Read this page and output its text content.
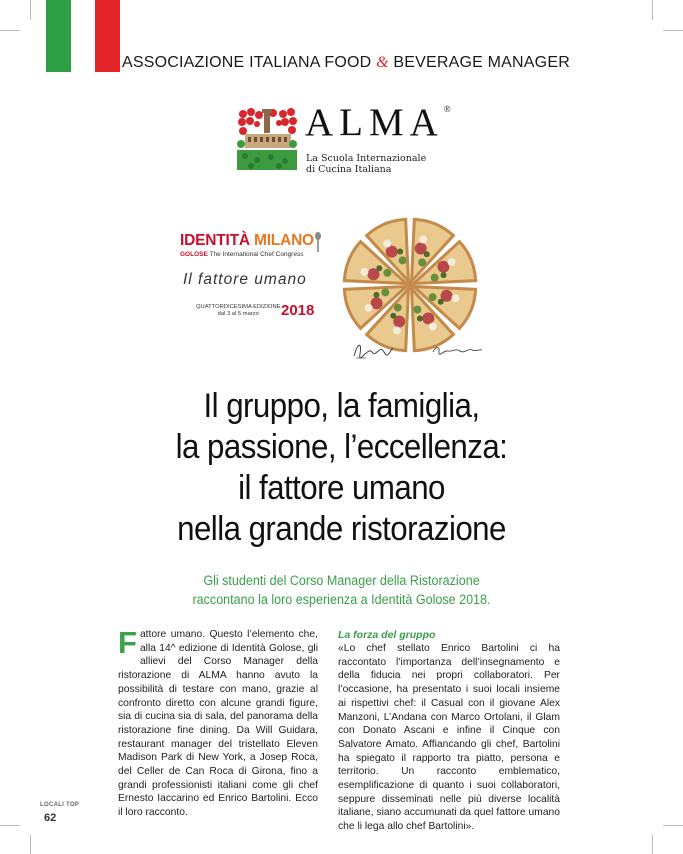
ASSOCIAZIONE ITALIANA FOOD & BEVERAGE MANAGER
ALMA®
La Scuola Internazionale
di Cucina Italiana
IDENTITÀ MILANO
GOLOSE The International Chef Congress
Il fattore umano
QUATTORDICESIMA EDIZIONE
dal 3 al 5 marzo	2018
Il gruppo, la famiglia,
la passione, l’eccellenza:
il fattore umano
nella grande ristorazione
Gli studenti del Corso Manager della Ristorazione
raccontano la loro esperienza a Identità Golose 2018.
Fattore umano. Questo l’elemento che, alla 14^ edizione di Identità Golose, gli allievi del Corso Manager della ristorazione di ALMA hanno avuto la possibilità di testare con mano, grazie al confronto diretto con alcune grandi figure, sia di cucina sia di sala, del panorama della ristorazione fine dining. Da Will Guidara, restaurant manager del tristellato Eleven Madison Park di New York, a Josep Roca, del Celler de Can Roca di Girona, fino a grandi professionisti italiani come gli chef Ernesto Iaccarino ed Enrico Bartolini. Ecco il loro racconto.
La forza del gruppo
«Lo chef stellato Enrico Bartolini ci ha raccontato l’importanza dell’insegnamento e della fiducia nei propri collaboratori. Per l’occasione, ha presentato i suoi locali insieme ai rispettivi chef: il Casual con il giovane Alex Manzoni, L’Andana con Marco Ortolani, il Glam con Donato Ascani e infine il Cinque con Salvatore Amato. Affiancando gli chef, Bartolini ha spiegato il rapporto tra piatto, persona e territorio. Un racconto emblematico, esemplificazione di quanto i suoi collaboratori, seppure disseminati nelle più diverse località italiane, siano accumunati da quel fattore umano che li lega allo chef Bartolini».
LOCALI TOP
62
